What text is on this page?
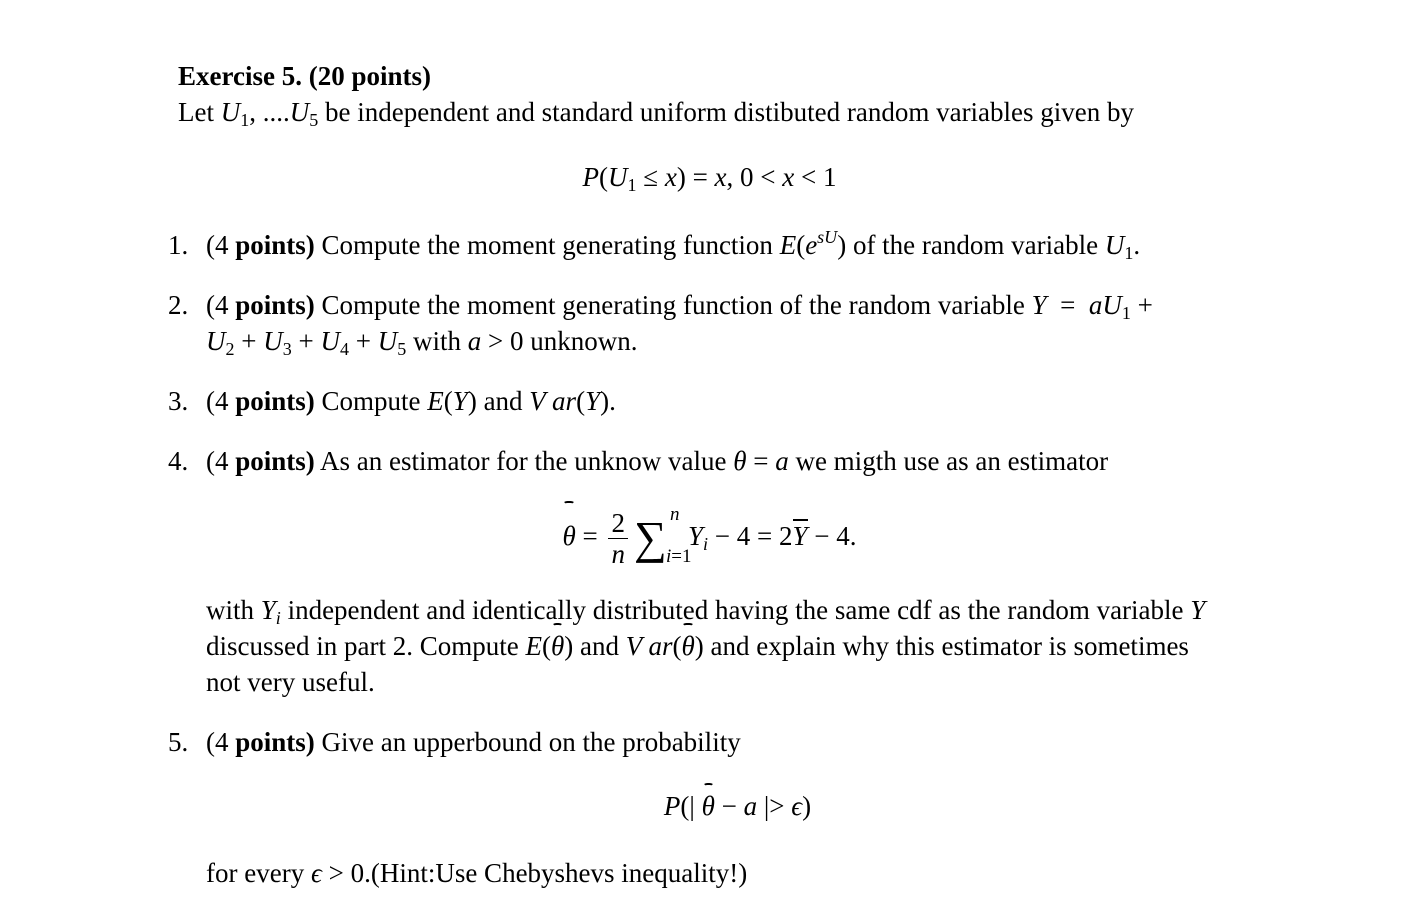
Exercise 5. (20 points)
Let $U_1$, $....U_5$ be independent and standard uniform distibuted random variables given by
$P(U_1 \le x) = x$, 0 < x < 1
1. (4 points) Compute the moment generating function $E(e^{sU})$ of the random variable $U_1$.
2. (4 points) Compute the moment generating function of the random variable $Y = aU_1$ +
$U_2 + U_3 + U_4 + U_5$ with a > 0 unknown.
3. (4 points) Compute E(Y) and V ar(Y).
4. (4 points) As an estimator for the unknow value θ = a we migth use as an estimator
$\theta = \frac{2}{n}$ ∑ n
i=1
$Y_i - 4 = 2Y - 4$.
with $Y_i$ independent and identically distributed having the same cdf as the random variable Y
discussed in part 2. Compute E(θ) and V ar(θ) and explain why this estimator is sometimes
not very useful.
5. (4 points) Give an upperbound on the probability
P(| θ − a |> ϵ)
for every ϵ > 0.(Hint:Use Chebyshevs inequality!)
